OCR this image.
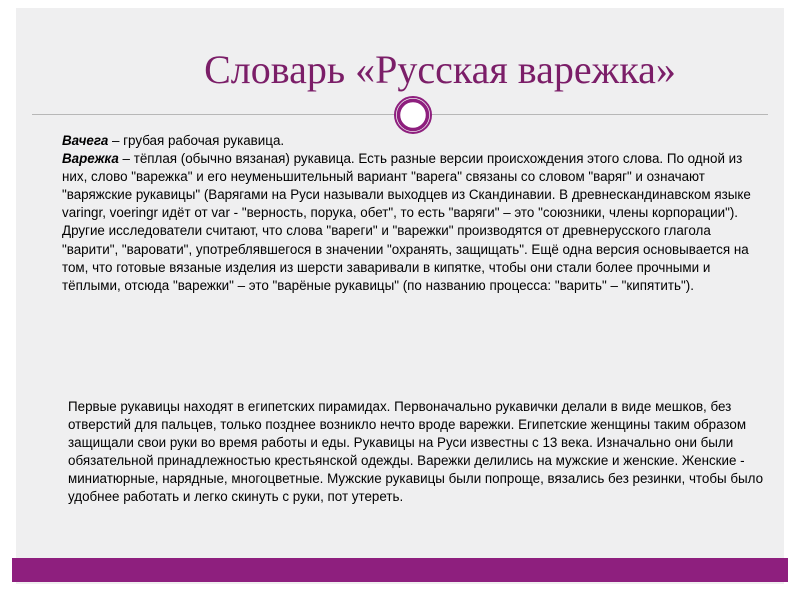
Словарь «Русская варежка»

Вачега – грубая рабочая рукавица.

Варежка – тёплая (обычно вязаная) рукавица. Есть разные версии происхождения этого слова. По одной из них, слово "варежка" и его неуменьшительный вариант "варега" связаны со словом "варяг" и означают "варяжские рукавицы" (Варягами на Руси называли выходцев из Скандинавии. В древнескандинавском языке varingr, voeringr идёт от var - "верность, порука, обет", то есть "варяги" – это "союзники, члены корпорации"). Другие исследователи считают, что слова "вареги" и "варежки" производятся от древнерусского глагола "варити", "варовати", употреблявшегося в значении "охранять, защищать". Ещё одна версия основывается на том, что готовые вязаные изделия из шерсти заваривали в кипятке, чтобы они стали более прочными и тёплыми, отсюда "варежки" – это "варёные рукавицы" (по названию процесса: "варить" – "кипятить").

Первые рукавицы находят в египетских пирамидах. Первоначально рукавички делали в виде мешков, без отверстий для пальцев, только позднее возникло нечто вроде варежки. Египетские женщины таким образом защищали свои руки во время работы и еды. Рукавицы на Руси известны с 13 века. Изначально они были обязательной принадлежностью крестьянской одежды. Варежки делились на мужские и женские. Женские - миниатюрные, нарядные, многоцветные. Мужские рукавицы были попроще, вязались без резинки, чтобы было удобнее работать и легко скинуть с руки, пот утереть.
